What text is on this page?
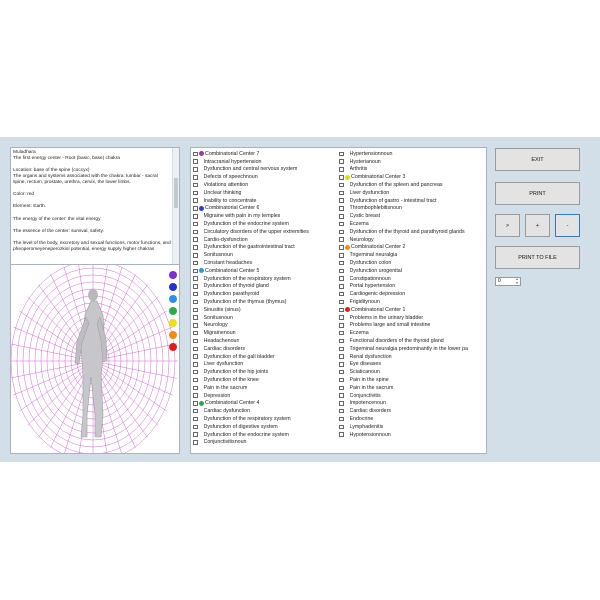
Muladhara
The first energy center - Root (basic, base) chakra

Location: base of the spine (coccyx)
The organs and systems associated with the chakra: lumbar - sacral spine, rectum, prostate, urethra, cervix, the lower limbs.

Color: red

Element: Earth.

The energy of the center: the vital energy

The essence of the center: survival, safety.

The level of the body, excretory and sexual functions, motor functions, and pheoperomeyeneperozkiol potential, energy supply higher chakras
Combinatorial Center 7
Intracranial hypertension
Dysfunction and central nervous system
Defects of speechnoun
Violations attention
Unclear thinking
Inability to concentrate
Combinatorial Center 6
Migraine with pain in my temples
Dysfunction of the endocrine system
Circulatory disorders of the upper extremities
Cardio-dysfunction
Dysfunction of the gastrointestinal tract
Sonitusnoun
Constant headaches
Combinatorial Center 5
Dysfunction of the respiratory system
Dysfunction of thyroid gland
Dysfunction parathyroid
Dysfunction of the thymus (thymus)
Sinusitis (sinus)
Sonitusnoun
Neurology
Migrainenoun
Headachenoun
Cardiac disorders
Dysfunction of the gall bladder
Liver dysfunction
Dysfunction of the hip joints
Dysfunction of the knee
Pain in the sacrum
Depression
Combinatorial Center 4
Cardiac dysfunction
Dysfunction of the respiratory system
Dysfunction of digestive system
Dysfunction of the endocrine system
Conjunctivitisnoun
Hypertensionnoun
Hysterianoun
Arthritis
Combinatorial Center 3
Dysfunction of the spleen and pancreas
Liver dysfunction
Dysfunction of gastro - intestinal tract
Thrombophlebitisnoun
Cystic breast
Eczema
Dysfunction of the thyroid and parathyroid glands
Neurology
Combinatorial Center 2
Trigeminal neuralgia
Dysfunction colon
Dysfunction urogenital
Constipationnoun
Portal hypertension
Cardiogenic depression
Frigiditynoun
Combinatorial Center 1
Problems in the urinary bladder
Problems large and small intestine
Eczema
Functional disorders of the thyroid gland
Trigeminal neuralgia predominantly in the lower pa
Renal dysfunction
Eye diseases
Sciaticanoun
Pain in the spine
Pain in the sacrum
Conjunctivitis
Impotencenoun
Cardiac disorders
Endocrine
Lymphadenitis
Hypotensionnoun
EXIT
PRINT
>	+	-
PRINT TO FILE
0	▲
▼
